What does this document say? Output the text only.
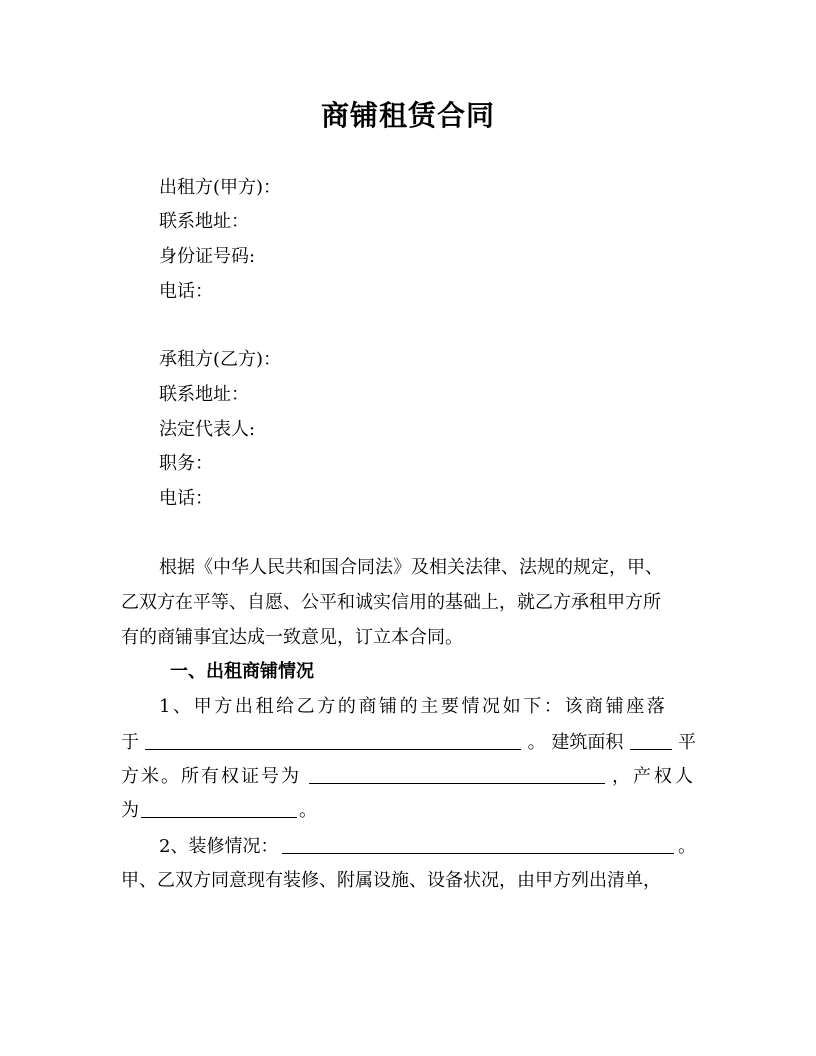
商铺租赁合同
出租方(甲方)：
联系地址：
身份证号码:
电话：
承租方(乙方)：
联系地址：
法定代表人:
职务：
电话：
根据《中华人民共和国合同法》及相关法律、法规的规定，甲、
乙双方在平等、自愿、公平和诚实信用的基础上，就乙方承租甲方所
有的商铺事宜达成一致意见，订立本合同。
一、出租商铺情况
1、甲方出租给乙方的商铺的主要情况如下：该商铺座落
于	。 建筑面积	平
方米。所有权证号为	，产权人
为	。
2、装修情况：	。
甲、乙双方同意现有装修、附属设施、设备状况，由甲方列出清单，
